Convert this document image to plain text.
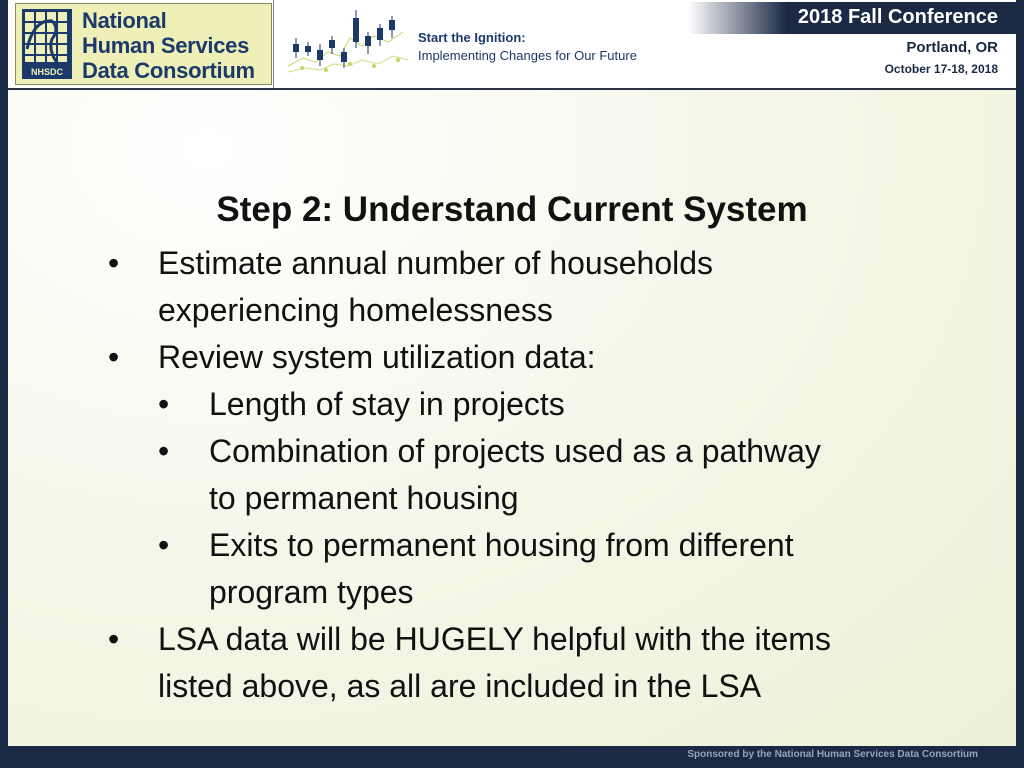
NHSDC
National
Human Services
Data Consortium
Start the Ignition:
Implementing Changes for Our Future
2018 Fall Conference
Portland, OR
October 17-18, 2018
Step 2: Understand Current System
• Estimate annual number of households
experiencing homelessness
• Review system utilization data:
• Length of stay in projects
• Combination of projects used as a pathway
to permanent housing
• Exits to permanent housing from different
program types
• LSA data will be HUGELY helpful with the items
listed above, as all are included in the LSA
Sponsored by the National Human Services Data Consortium
